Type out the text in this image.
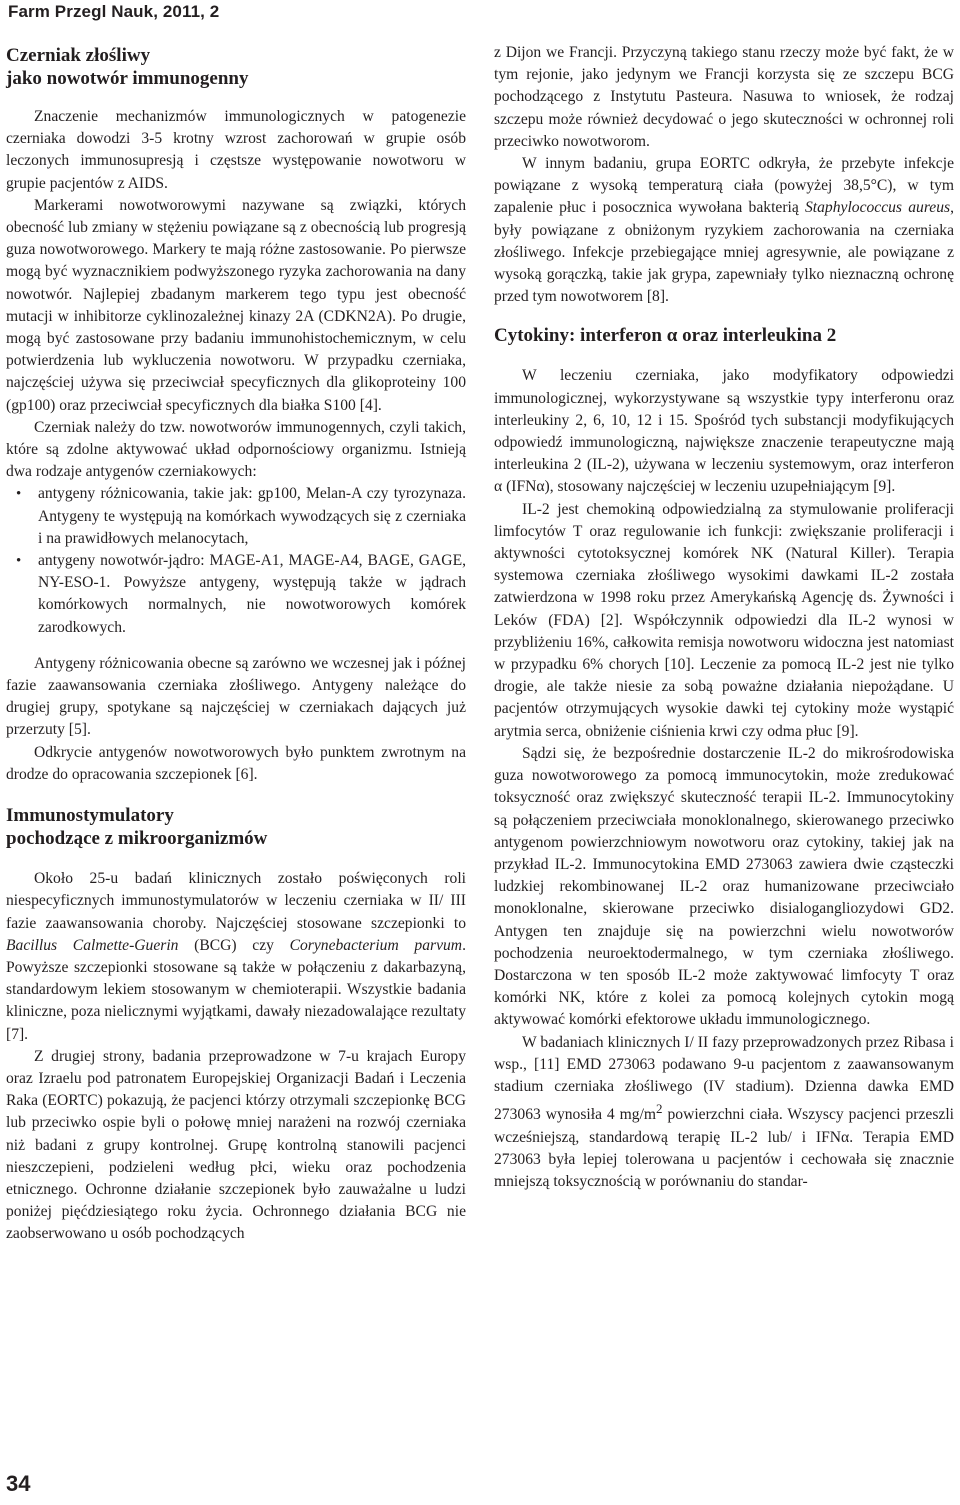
Farm Przegl Nauk, 2011, 2
Czerniak złośliwy
jako nowotwór immunogenny

Znaczenie mechanizmów immunologicznych w patogenezie czerniaka dowodzi 3-5 krotny wzrost zachorowań w grupie osób leczonych immunosupresją i częstsze występowanie nowotworu w grupie pacjentów z AIDS.

Markerami nowotworowymi nazywane są związki, których obecność lub zmiany w stężeniu powiązane są z obecnością lub progresją guza nowotworowego. Markery te mają różne zastosowanie. Po pierwsze mogą być wyznacznikiem podwyższonego ryzyka zachorowania na dany nowotwór. Najlepiej zbadanym markerem tego typu jest obecność mutacji w inhibitorze cyklinozależnej kinazy 2A (CDKN2A). Po drugie, mogą być zastosowane przy badaniu immunohistochemicznym, w celu potwierdzenia lub wykluczenia nowotworu. W przypadku czerniaka, najczęściej używa się przeciwciał specyficznych dla glikoproteiny 100 (gp100) oraz przeciwciał specyficznych dla białka S100 [4].

Czerniak należy do tzw. nowotworów immunogennych, czyli takich, które są zdolne aktywować układ odpornościowy organizmu. Istnieją dwa rodzaje antygenów czerniakowych:

• antygeny różnicowania, takie jak: gp100, Melan-A czy tyrozynaza. Antygeny te występują na komórkach wywodzących się z czerniaka i na prawidłowych melanocytach,
• antygeny nowotwór-jądro: MAGE-A1, MAGE-A4, BAGE, GAGE, NY-ESO-1. Powyższe antygeny, występują także w jądrach komórkowych normalnych, nie nowotworowych komórek zarodkowych.

Antygeny różnicowania obecne są zarówno we wczesnej jak i późnej fazie zaawansowania czerniaka złośliwego. Antygeny należące do drugiej grupy, spotykane są najczęściej w czerniakach dających już przerzuty [5].

Odkrycie antygenów nowotworowych było punktem zwrotnym na drodze do opracowania szczepionek [6].

Immunostymulatory
pochodzące z mikroorganizmów

Około 25-u badań klinicznych zostało poświęconych roli niespecyficznych immunostymulatorów w leczeniu czerniaka w II/ III fazie zaawansowania choroby. Najczęściej stosowane szczepionki to Bacillus Calmette-Guerin (BCG) czy Corynebacterium parvum. Powyższe szczepionki stosowane są także w połączeniu z dakarbazyną, standardowym lekiem stosowanym w chemioterapii. Wszystkie badania kliniczne, poza nielicznymi wyjątkami, dawały niezadowalające rezultaty [7].

Z drugiej strony, badania przeprowadzone w 7-u krajach Europy oraz Izraelu pod patronatem Europejskiej Organizacji Badań i Leczenia Raka (EORTC) pokazują, że pacjenci którzy otrzymali szczepionkę BCG lub przeciwko ospie byli o połowę mniej narażeni na rozwój czerniaka niż badani z grupy kontrolnej. Grupę kontrolną stanowili pacjenci nieszczepieni, podzieleni według płci, wieku oraz pochodzenia etnicznego. Ochronne działanie szczepionek było zauważalne u ludzi poniżej pięćdziesiątego roku życia. Ochronnego działania BCG nie zaobserwowano u osób pochodzących

z Dijon we Francji. Przyczyną takiego stanu rzeczy może być fakt, że w tym rejonie, jako jedynym we Francji korzysta się ze szczepu BCG pochodzącego z Instytutu Pasteura. Nasuwa to wniosek, że rodzaj szczepu może również decydować o jego skuteczności w ochronnej roli przeciwko nowotworom.

W innym badaniu, grupa EORTC odkryła, że przebyte infekcje powiązane z wysoką temperaturą ciała (powyżej 38,5°C), w tym zapalenie płuc i posocznica wywołana bakterią Staphylococcus aureus, były powiązane z obniżonym ryzykiem zachorowania na czerniaka złośliwego. Infekcje przebiegające mniej agresywnie, ale powiązane z wysoką gorączką, takie jak grypa, zapewniały tylko nieznaczną ochronę przed tym nowotworem [8].

Cytokiny: interferon α oraz interleukina 2

W leczeniu czerniaka, jako modyfikatory odpowiedzi immunologicznej, wykorzystywane są wszystkie typy interferonu oraz interleukiny 2, 6, 10, 12 i 15. Spośród tych substancji modyfikujących odpowiedź immunologiczną, największe znaczenie terapeutyczne mają interleukina 2 (IL-2), używana w leczeniu systemowym, oraz interferon α (IFNα), stosowany najczęściej w leczeniu uzupełniającym [9].

IL-2 jest chemokiną odpowiedzialną za stymulowanie proliferacji limfocytów T oraz regulowanie ich funkcji: zwiększanie proliferacji i aktywności cytotoksycznej komórek NK (Natural Killer). Terapia systemowa czerniaka złośliwego wysokimi dawkami IL-2 została zatwierdzona w 1998 roku przez Amerykańską Agencję ds. Żywności i Leków (FDA) [2]. Współczynnik odpowiedzi dla IL-2 wynosi w przybliżeniu 16%, całkowita remisja nowotworu widoczna jest natomiast w przypadku 6% chorych [10]. Leczenie za pomocą IL-2 jest nie tylko drogie, ale także niesie za sobą poważne działania niepożądane. U pacjentów otrzymujących wysokie dawki tej cytokiny może wystąpić arytmia serca, obniżenie ciśnienia krwi czy odma płuc [9].

Sądzi się, że bezpośrednie dostarczenie IL-2 do mikrośrodowiska guza nowotworowego za pomocą immunocytokin, może zredukować toksyczność oraz zwiększyć skuteczność terapii IL-2. Immunocytokiny są połączeniem przeciwciała monoklonalnego, skierowanego przeciwko antygenom powierzchniowym nowotworu oraz cytokiny, takiej jak na przykład IL-2. Immunocytokina EMD 273063 zawiera dwie cząsteczki ludzkiej rekombinowanej IL-2 oraz humanizowane przeciwciało monoklonalne, skierowane przeciwko disialogangliozydowi GD2. Antygen ten znajduje się na powierzchni wielu nowotworów pochodzenia neuroektodermalnego, w tym czerniaka złośliwego. Dostarczona w ten sposób IL-2 może zaktywować limfocyty T oraz komórki NK, które z kolei za pomocą kolejnych cytokin mogą aktywować komórki efektorowe układu immunologicznego.

W badaniach klinicznych I/ II fazy przeprowadzonych przez Ribasa i wsp., [11] EMD 273063 podawano 9-u pacjentom z zaawansowanym stadium czerniaka złośliwego (IV stadium). Dzienna dawka EMD 273063 wynosiła 4 $mg/m^2$ powierzchni ciała. Wszyscy pacjenci przeszli wcześniejszą, standardową terapię IL-2 lub/ i IFNα. Terapia EMD 273063 była lepiej tolerowana u pacjentów i cechowała się znacznie mniejszą toksycznością w porównaniu do standar-

34
